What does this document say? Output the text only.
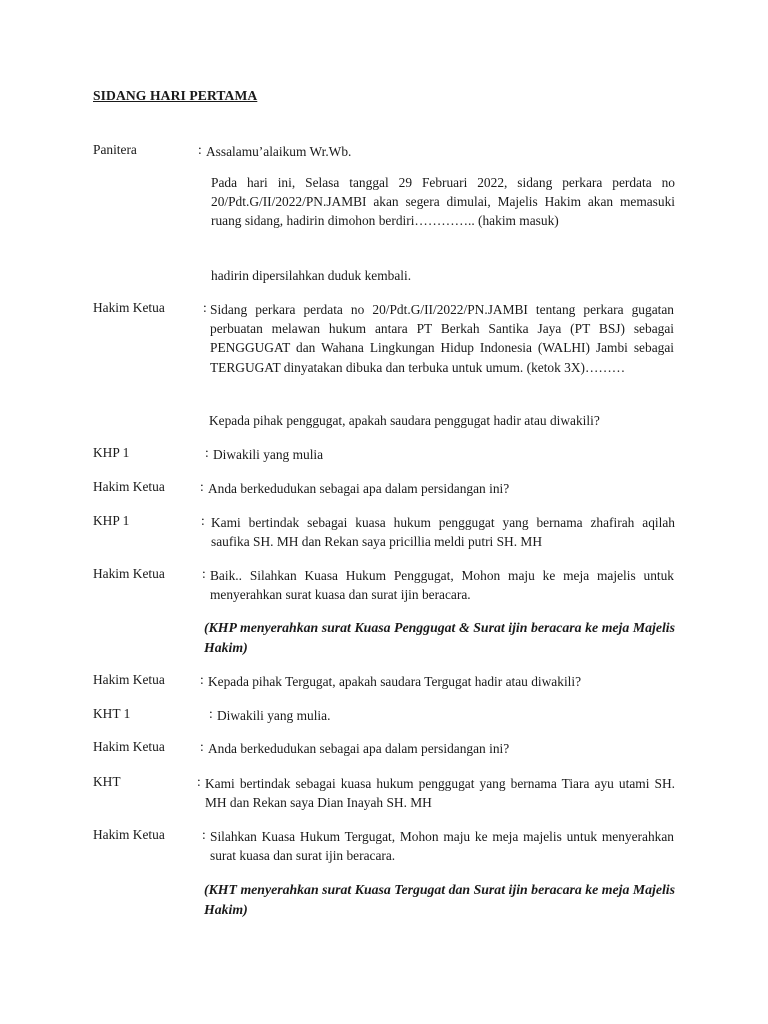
SIDANG HARI PERTAMA
Panitera	: Assalamu’alaikum Wr.Wb.
Pada hari ini, Selasa tanggal 29 Februari 2022, sidang perkara perdata no 20/Pdt.G/II/2022/PN.JAMBI akan segera dimulai, Majelis Hakim akan memasuki ruang sidang, hadirin dimohon berdiri………….. (hakim masuk)
hadirin dipersilahkan duduk kembali.
Hakim Ketua	: Sidang perkara perdata no 20/Pdt.G/II/2022/PN.JAMBI tentang perkara gugatan perbuatan melawan hukum antara PT Berkah Santika Jaya (PT BSJ) sebagai PENGGUGAT dan Wahana Lingkungan Hidup Indonesia (WALHI) Jambi sebagai TERGUGAT dinyatakan dibuka dan terbuka untuk umum. (ketok 3X)………
Kepada pihak penggugat, apakah saudara penggugat hadir atau diwakili?
KHP 1	: Diwakili yang mulia
Hakim Ketua	: Anda berkedudukan sebagai apa dalam persidangan ini?
KHP 1	: Kami bertindak sebagai kuasa hukum penggugat yang bernama zhafirah aqilah saufika SH. MH dan Rekan saya pricillia meldi putri SH. MH
Hakim Ketua	: Baik.. Silahkan Kuasa Hukum Penggugat, Mohon maju ke meja majelis untuk menyerahkan surat kuasa dan surat ijin beracara.
(KHP menyerahkan surat Kuasa Penggugat & Surat ijin beracara ke meja Majelis Hakim)
Hakim Ketua	: Kepada pihak Tergugat, apakah saudara Tergugat hadir atau diwakili?
KHT 1	: Diwakili yang mulia.
Hakim Ketua	: Anda berkedudukan sebagai apa dalam persidangan ini?
KHT	: Kami bertindak sebagai kuasa hukum penggugat yang bernama Tiara ayu utami SH. MH dan Rekan saya Dian Inayah SH. MH
Hakim Ketua	: Silahkan Kuasa Hukum Tergugat, Mohon maju ke meja majelis untuk menyerahkan surat kuasa dan surat ijin beracara.
(KHT menyerahkan surat Kuasa Tergugat dan Surat ijin beracara ke meja Majelis Hakim)
